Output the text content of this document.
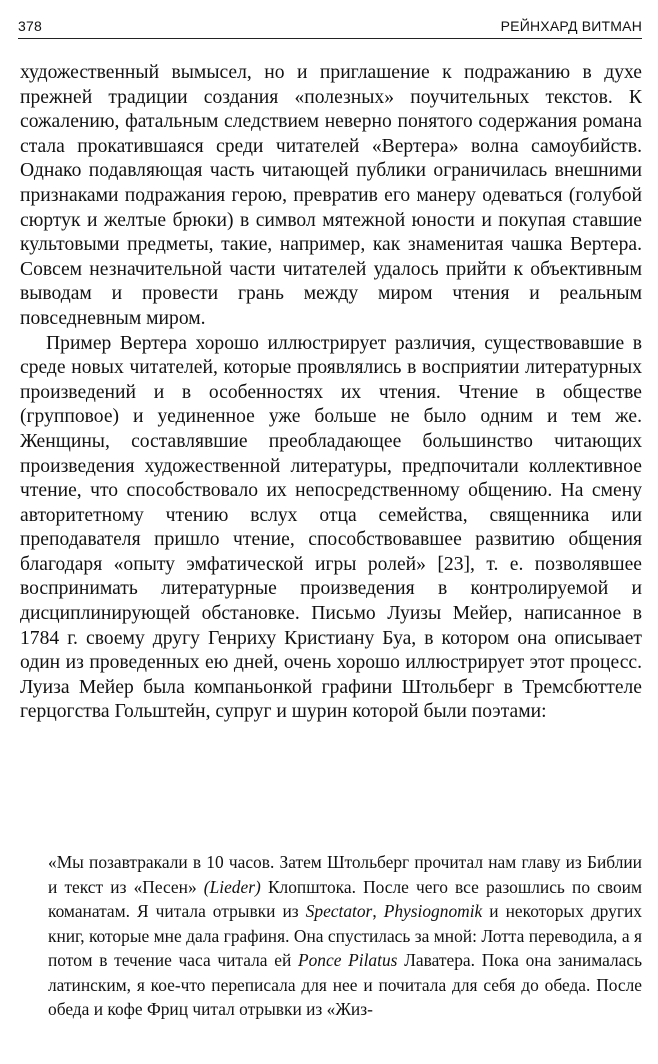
378	РЕЙНХАРД ВИТМАН

художественный вымысел, но и приглашение к подражанию в духе прежней традиции создания «полезных» поучительных текстов. К сожалению, фатальным следствием неверно понятого содержания романа стала прокатившаяся среди читателей «Вертера» волна самоубийств. Однако подавляющая часть читающей публики ограничилась внешними признаками подражания герою, превратив его манеру одеваться (голубой сюртук и желтые брюки) в символ мятежной юности и покупая ставшие культовыми предметы, такие, например, как знаменитая чашка Вертера. Совсем незначительной части читателей удалось прийти к объективным выводам и провести грань между миром чтения и реальным повседневным миром.

Пример Вертера хорошо иллюстрирует различия, существовавшие в среде новых читателей, которые проявлялись в восприятии литературных произведений и в особенностях их чтения. Чтение в обществе (групповое) и уединенное уже больше не было одним и тем же. Женщины, составлявшие преобладающее большинство читающих произведения художественной литературы, предпочитали коллективное чтение, что способствовало их непосредственному общению. На смену авторитетному чтению вслух отца семейства, священника или преподавателя пришло чтение, способствовавшее развитию общения благодаря «опыту эмфатической игры ролей» [23], т. е. позволявшее воспринимать литературные произведения в контролируемой и дисциплинирующей обстановке. Письмо Луизы Мейер, написанное в 1784 г. своему другу Генриху Кристиану Буа, в котором она описывает один из проведенных ею дней, очень хорошо иллюстрирует этот процесс. Луиза Мейер была компаньонкой графини Штольберг в Тремсбюттеле герцогства Гольштейн, супруг и шурин которой были поэтами:

«Мы позавтракали в 10 часов. Затем Штольберг прочитал нам главу из Библии и текст из «Песен» (Lieder) Клопштока. После чего все разошлись по своим команатам. Я читала отрывки из Spectator, Physiognomik и некоторых других книг, которые мне дала графиня. Она спустилась за мной: Лотта переводила, а я потом в течение часа читала ей Ponce Pilatus Лаватера. Пока она занималась латинским, я кое-что переписала для нее и почитала для себя до обеда. После обеда и кофе Фриц читал отрывки из «Жиз-
